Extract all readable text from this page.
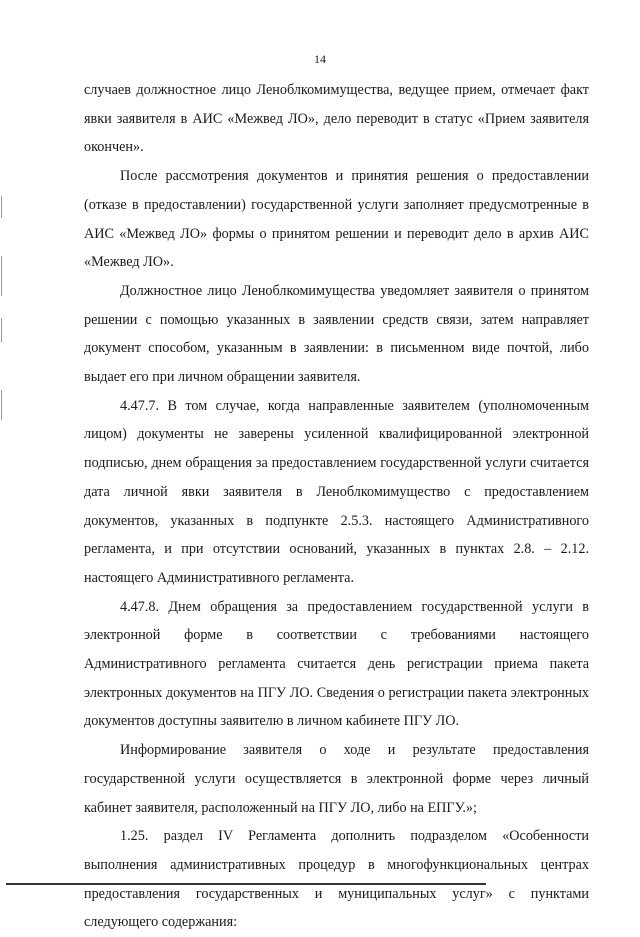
14

случаев должностное лицо Леноблкомимущества, ведущее прием, отмечает факт явки заявителя в АИС «Межвед ЛО», дело переводит в статус «Прием заявителя окончен».

После рассмотрения документов и принятия решения о предоставлении (отказе в предоставлении) государственной услуги заполняет предусмотренные в АИС «Межвед ЛО» формы о принятом решении и переводит дело в архив АИС «Межвед ЛО».

Должностное лицо Леноблкомимущества уведомляет заявителя о принятом решении с помощью указанных в заявлении средств связи, затем направляет документ способом, указанным в заявлении: в письменном виде почтой, либо выдает его при личном обращении заявителя.

4.47.7. В том случае, когда направленные заявителем (уполномоченным лицом) документы не заверены усиленной квалифицированной электронной подписью, днем обращения за предоставлением государственной услуги считается дата личной явки заявителя в Леноблкомимущество с предоставлением документов, указанных в подпункте 2.5.3. настоящего Административного регламента, и при отсутствии оснований, указанных в пунктах 2.8. – 2.12. настоящего Административного регламента.

4.47.8. Днем обращения за предоставлением государственной услуги в электронной форме в соответствии с требованиями настоящего Административного регламента считается день регистрации приема пакета электронных документов на ПГУ ЛО. Сведения о регистрации пакета электронных документов доступны заявителю в личном кабинете ПГУ ЛО.

Информирование заявителя о ходе и результате предоставления государственной услуги осуществляется в электронной форме через личный кабинет заявителя, расположенный на ПГУ ЛО, либо на ЕПГУ.»;

1.25. раздел IV Регламента дополнить подразделом «Особенности выполнения административных процедур в многофункциональных центрах предоставления государственных и муниципальных услуг» с пунктами следующего содержания:
